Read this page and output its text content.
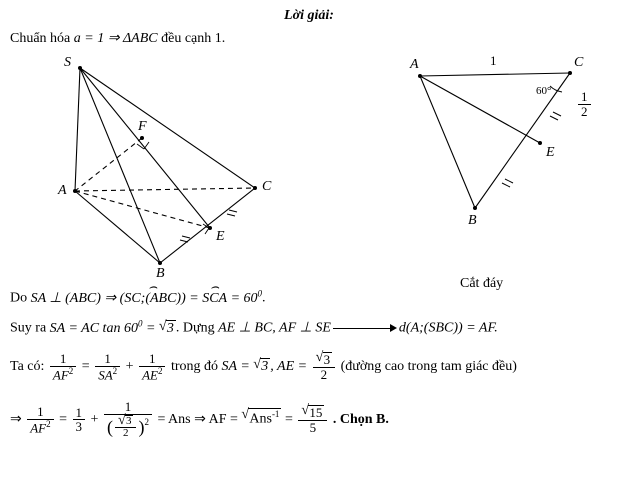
Lời giải:
Chuẩn hóa a = 1 ⇒ ΔABC đều cạnh 1.
S
A
B
C
E
F
A	C
B
E
1
$60^\circ \frac{1}{2}$
Cắt đáy
Do SA ⊥ (ABC) ⇒ ⌢ (SC;(ABC)) = ⌢ SCA = $60^0$.
Suy ra SA = AC $\tan 60^0$ = √ 3 . Dựng AE ⊥ BC, AF ⊥ SE	d(A;(SBC)) = AF.
Ta có: $\frac{1}{AF^2} = \frac{1}{SA^2} + \frac{1}{AE^2}$ trong đó SA = √ 3 , AE = √ $\frac{3}{2}$ (đường cao trong tam giác đều)
⇒ $\frac{1}{AF^2} = \frac{1}{3} + \frac{1}{( √ \frac{3}{2} )^2}$ = Ans ⇒ AF = √ Ans$^{-1}$ = √ $\frac{15}{5}$ . Chọn B.
